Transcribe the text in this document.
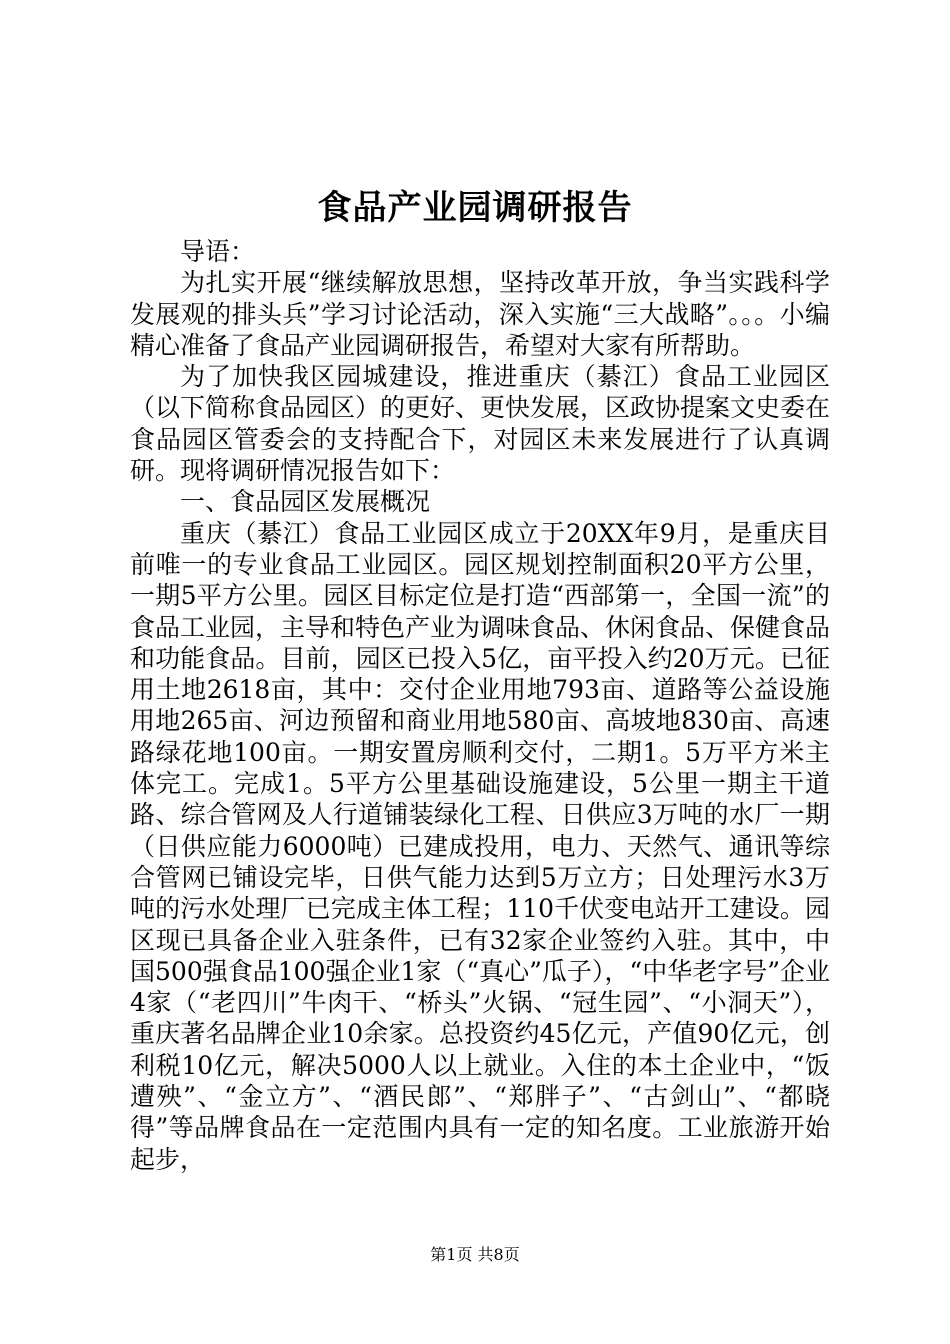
食品产业园调研报告

导语：

为扎实开展“继续解放思想，坚持改革开放，争当实践科学发展观的排头兵”学习讨论活动，深入实施“三大战略”。。。小编精心准备了食品产业园调研报告，希望对大家有所帮助。

为了加快我区园城建设，推进重庆（綦江）食品工业园区（以下简称食品园区）的更好、更快发展，区政协提案文史委在食品园区管委会的支持配合下，对园区未来发展进行了认真调研。现将调研情况报告如下：

一、食品园区发展概况

重庆（綦江）食品工业园区成立于20XX年9月，是重庆目前唯一的专业食品工业园区。园区规划控制面积20平方公里，一期5平方公里。园区目标定位是打造“西部第一，全国一流”的食品工业园，主导和特色产业为调味食品、休闲食品、保健食品和功能食品。目前，园区已投入5亿，亩平投入约20万元。已征用土地2618亩，其中：交付企业用地793亩、道路等公益设施用地265亩、河边预留和商业用地580亩、高坡地830亩、高速路绿花地100亩。一期安置房顺利交付，二期1。5万平方米主体完工。完成1。5平方公里基础设施建设，5公里一期主干道路、综合管网及人行道铺装绿化工程、日供应3万吨的水厂一期（日供应能力6000吨）已建成投用，电力、天然气、通讯等综合管网已铺设完毕，日供气能力达到5万立方；日处理污水3万吨的污水处理厂已完成主体工程；110千伏变电站开工建设。园区现已具备企业入驻条件，已有32家企业签约入驻。其中，中国500强食品100强企业1家（“真心”瓜子），“中华老字号”企业4家（“老四川”牛肉干、“桥头”火锅、“冠生园”、“小洞天”），重庆著名品牌企业10余家。总投资约45亿元，产值90亿元，创利税10亿元，解决5000人以上就业。入住的本土企业中，“饭遭殃”、“金立方”、“酒民郎”、“郑胖子”、“古剑山”、“都晓得”等品牌食品在一定范围内具有一定的知名度。工业旅游开始起步，

第1页 共8页
